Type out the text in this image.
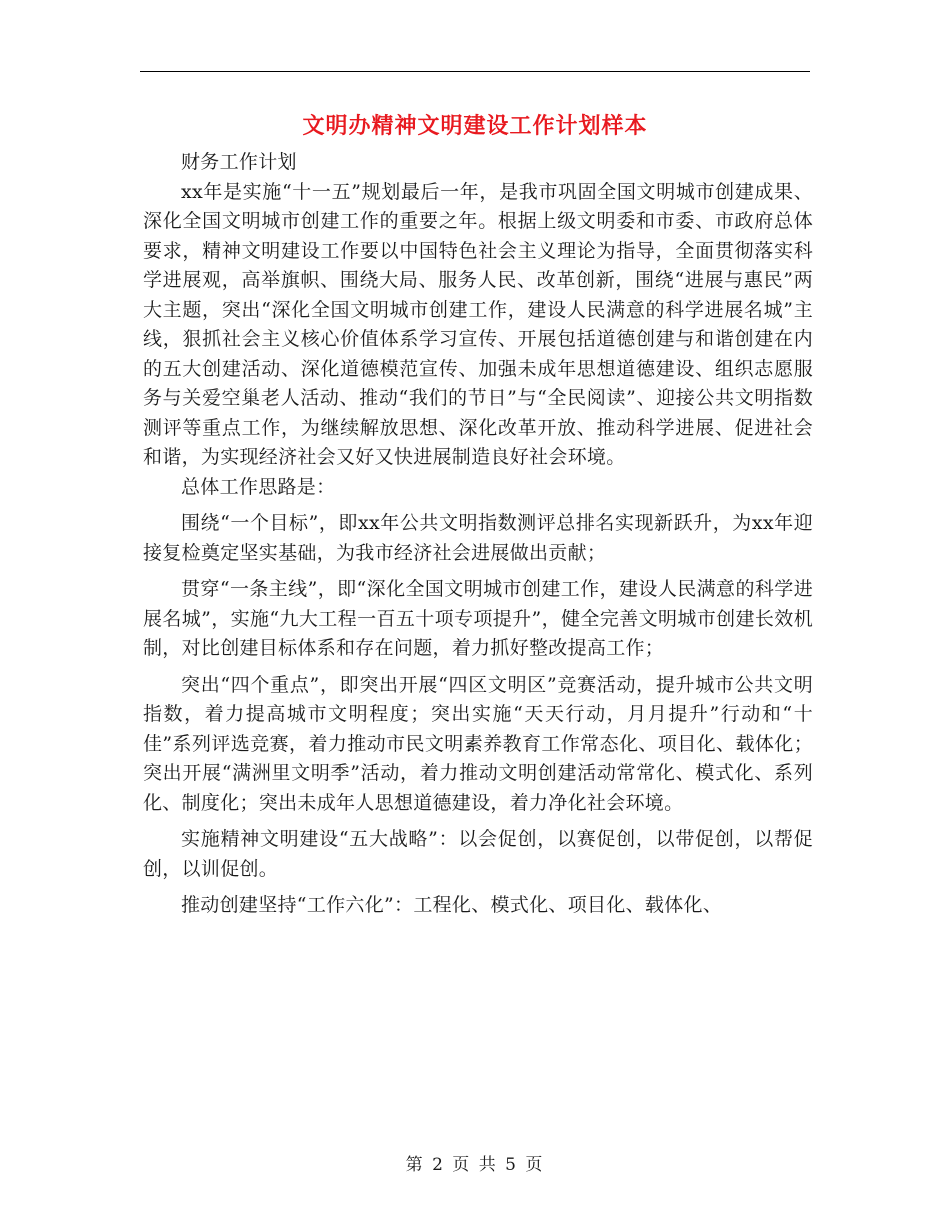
文明办精神文明建设工作计划样本

财务工作计划

xx年是实施“十一五”规划最后一年，是我市巩固全国文明城市创建成果、深化全国文明城市创建工作的重要之年。根据上级文明委和市委、市政府总体要求，精神文明建设工作要以中国特色社会主义理论为指导，全面贯彻落实科学进展观，高举旗帜、围绕大局、服务人民、改革创新，围绕“进展与惠民”两大主题，突出“深化全国文明城市创建工作，建设人民满意的科学进展名城”主线，狠抓社会主义核心价值体系学习宣传、开展包括道德创建与和谐创建在内的五大创建活动、深化道德模范宣传、加强未成年思想道德建设、组织志愿服务与关爱空巢老人活动、推动“我们的节日”与“全民阅读”、迎接公共文明指数测评等重点工作，为继续解放思想、深化改革开放、推动科学进展、促进社会和谐，为实现经济社会又好又快进展制造良好社会环境。

总体工作思路是：

围绕“一个目标”，即xx年公共文明指数测评总排名实现新跃升，为xx年迎接复检奠定坚实基础，为我市经济社会进展做出贡献；

贯穿“一条主线”，即“深化全国文明城市创建工作，建设人民满意的科学进展名城”，实施“九大工程一百五十项专项提升”，健全完善文明城市创建长效机制，对比创建目标体系和存在问题，着力抓好整改提高工作；

突出“四个重点”，即突出开展“四区文明区”竞赛活动，提升城市公共文明指数，着力提高城市文明程度；突出实施“天天行动，月月提升”行动和“十佳”系列评选竞赛，着力推动市民文明素养教育工作常态化、项目化、载体化；突出开展“满洲里文明季”活动，着力推动文明创建活动常常化、模式化、系列化、制度化；突出未成年人思想道德建设，着力净化社会环境。

实施精神文明建设“五大战略”：以会促创，以赛促创，以带促创，以帮促创，以训促创。

推动创建坚持“工作六化”：工程化、模式化、项目化、载体化、

第 2 页 共 5 页
